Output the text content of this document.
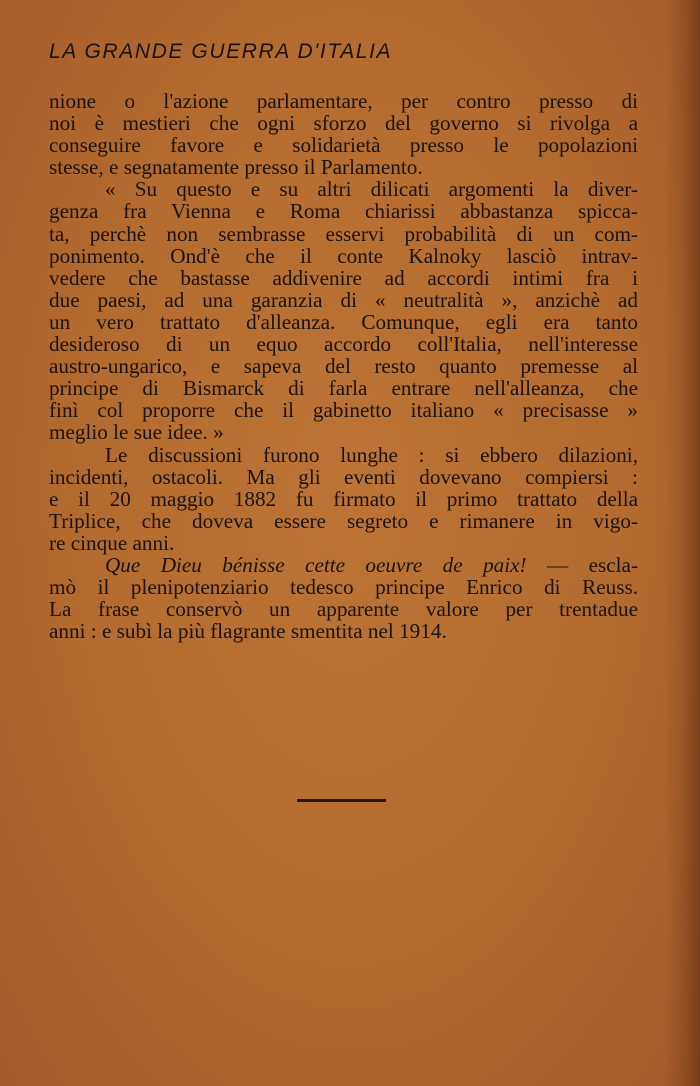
LA GRANDE GUERRA D'ITALIA
nione o l'azione parlamentare, per contro presso di
noi è mestieri che ogni sforzo del governo si rivolga a
conseguire favore e solidarietà presso le popolazioni
stesse, e segnatamente presso il Parlamento.
« Su questo e su altri dilicati argomenti la diver-
genza fra Vienna e Roma chiarissi abbastanza spicca-
ta, perchè non sembrasse esservi probabilità di un com-
ponimento. Ond'è che il conte Kalnoky lasciò intrav-
vedere che bastasse addivenire ad accordi intimi fra i
due paesi, ad una garanzia di « neutralità », anzichè ad
un vero trattato d'alleanza. Comunque, egli era tanto
desideroso di un equo accordo coll'Italia, nell'interesse
austro-ungarico, e sapeva del resto quanto premesse al
principe di Bismarck di farla entrare nell'alleanza, che
finì col proporre che il gabinetto italiano « precisasse »
meglio le sue idee. »
Le discussioni furono lunghe : si ebbero dilazioni,
incidenti, ostacoli. Ma gli eventi dovevano compiersi :
e il 20 maggio 1882 fu firmato il primo trattato della
Triplice, che doveva essere segreto e rimanere in vigo-
re cinque anni.
Que Dieu bénisse cette oeuvre de paix! — escla-
mò il plenipotenziario tedesco principe Enrico di Reuss.
La frase conservò un apparente valore per trentadue
anni : e subì la più flagrante smentita nel 1914.
